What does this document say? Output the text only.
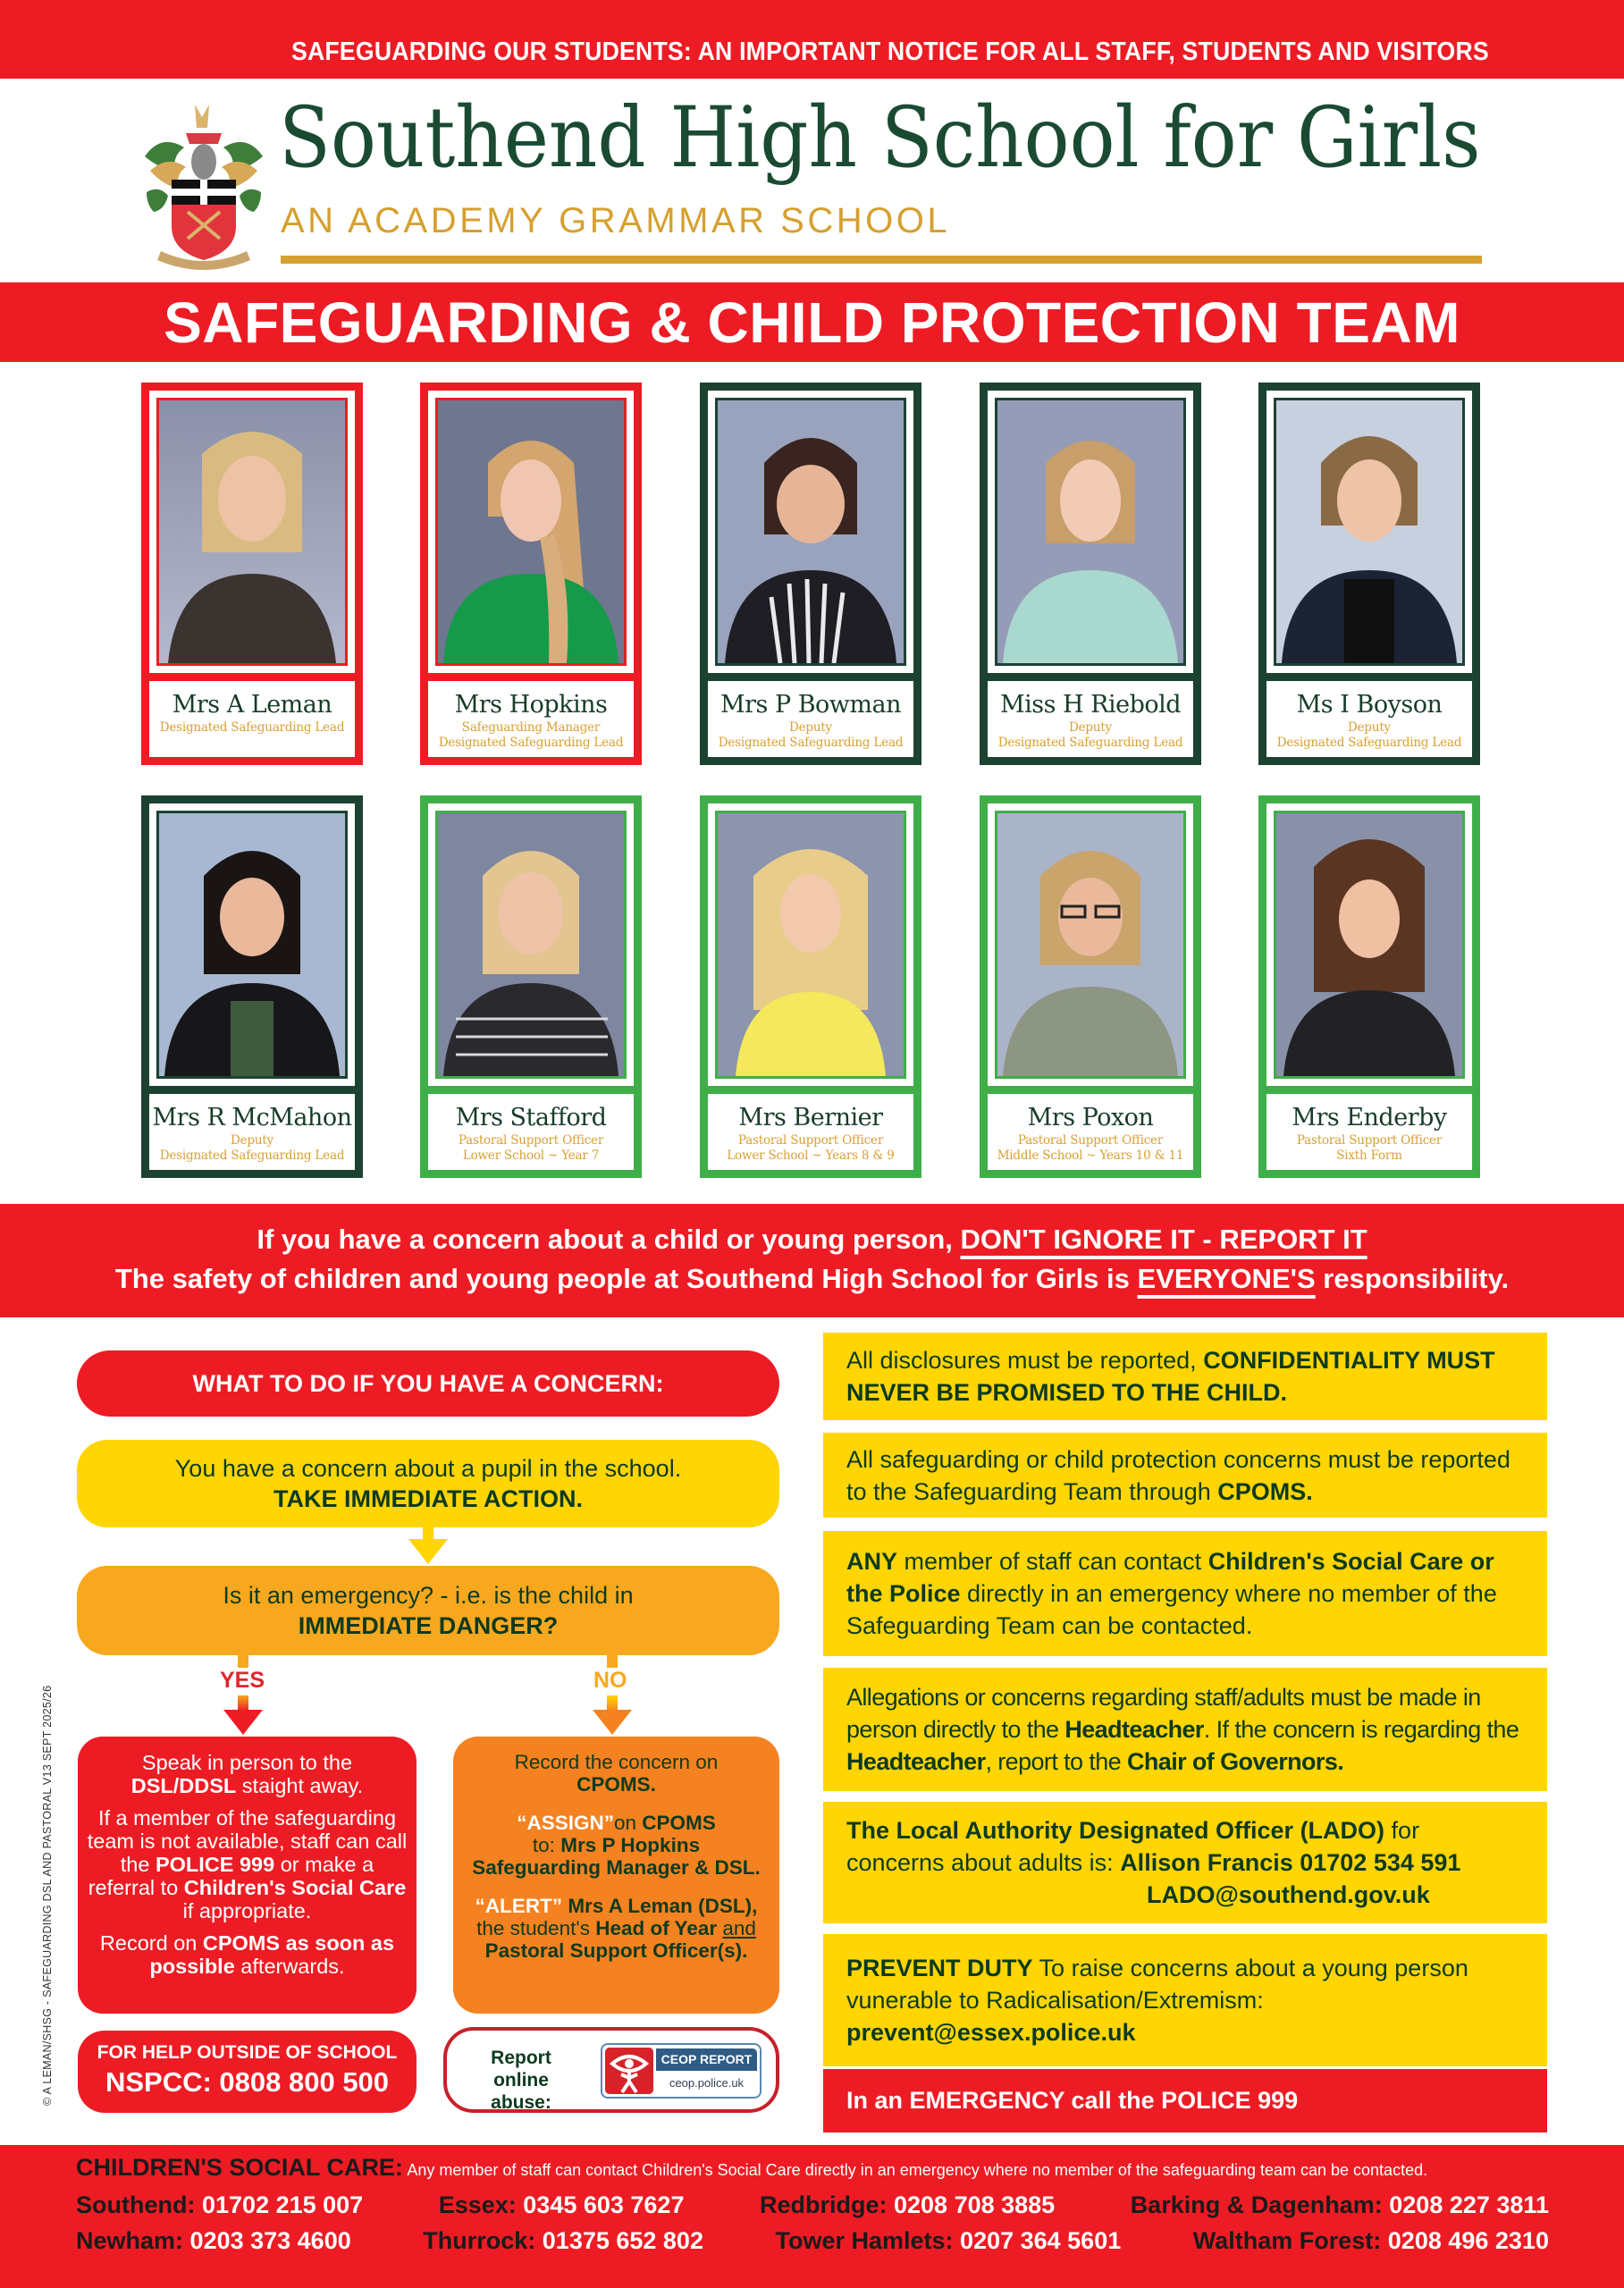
SAFEGUARDING OUR STUDENTS: AN IMPORTANT NOTICE FOR ALL STAFF, STUDENTS AND VISITORS
Southend High School for Girls
AN ACADEMY GRAMMAR SCHOOL
SAFEGUARDING & CHILD PROTECTION TEAM
Mrs A Leman
Designated Safeguarding Lead
Mrs Hopkins
Safeguarding Manager
Designated Safeguarding Lead
Mrs P Bowman
Deputy
Designated Safeguarding Lead
Miss H Riebold
Deputy
Designated Safeguarding Lead
Ms I Boyson
Deputy
Designated Safeguarding Lead
Mrs R McMahon
Deputy
Designated Safeguarding Lead
Mrs Stafford
Pastoral Support Officer
Lower School ~ Year 7
Mrs Bernier
Pastoral Support Officer
Lower School ~ Years 8 & 9
Mrs Poxon
Pastoral Support Officer
Middle School ~ Years 10 & 11
Mrs Enderby
Pastoral Support Officer
Sixth Form
If you have a concern about a child or young person, DON'T IGNORE IT - REPORT IT
The safety of children and young people at Southend High School for Girls is EVERYONE'S responsibility.
WHAT TO DO IF YOU HAVE A CONCERN:
You have a concern about a pupil in the school.
TAKE IMMEDIATE ACTION.
Is it an emergency? - i.e. is the child in
IMMEDIATE DANGER?
YES	NO

Speak in person to the
DSL/DDSL staight away.

If a member of the safeguarding team is not available, staff can call the POLICE 999 or make a referral to Children's Social Care if appropriate.

Record on CPOMS as soon as possible afterwards.

Record the concern on
CPOMS.

“ASSIGN”on CPOMS
to: Mrs P Hopkins
Safeguarding Manager & DSL.

“ALERT” Mrs A Leman (DSL),
the student's Head of Year and Pastoral Support Officer(s).

FOR HELP OUTSIDE OF SCHOOL
NSPCC: 0808 800 500
Report online abuse:
CEOP REPORT
ceop.police.uk
© A LEMAN/SHSG - SAFEGUARDING DSL AND PASTORAL V13 SEPT 2025/26
All disclosures must be reported, CONFIDENTIALITY MUST NEVER BE PROMISED TO THE CHILD.
All safeguarding or child protection concerns must be reported to the Safeguarding Team through CPOMS.
ANY member of staff can contact Children's Social Care or the Police directly in an emergency where no member of the Safeguarding Team can be contacted.
Allegations or concerns regarding staff/adults must be made in person directly to the Headteacher. If the concern is regarding the Headteacher, report to the Chair of Governors.
The Local Authority Designated Officer (LADO) for concerns about adults is: Allison Francis 01702 534 591
LADO@southend.gov.uk
PREVENT DUTY To raise concerns about a young person vunerable to Radicalisation/Extremism:
prevent@essex.police.uk
In an EMERGENCY call the POLICE 999
CHILDREN'S SOCIAL CARE: Any member of staff can contact Children's Social Care directly in an emergency where no member of the safeguarding team can be contacted.
Southend: 01702 215 007	Essex: 0345 603 7627	Redbridge: 0208 708 3885	Barking & Dagenham: 0208 227 3811
Newham: 0203 373 4600	Thurrock: 01375 652 802	Tower Hamlets: 0207 364 5601	Waltham Forest: 0208 496 2310
